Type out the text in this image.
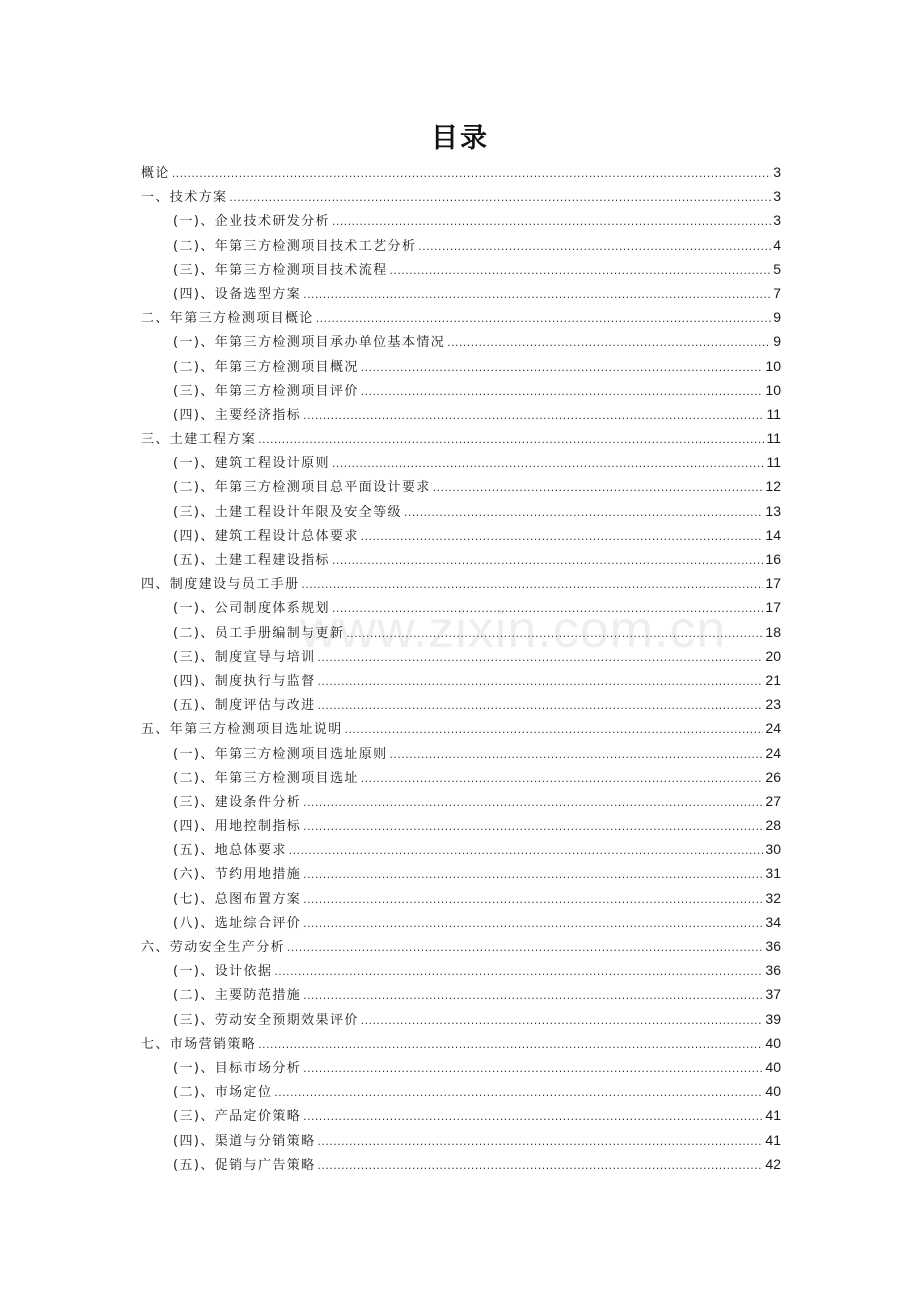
www.zixin.com.cn
目录
概论 .....	3
一、技术方案 .....	3
(一)、企业技术研发分析 .....	3
(二)、年第三方检测项目技术工艺分析 .....	4
(三)、年第三方检测项目技术流程 .....	5
(四)、设备选型方案 .....	7
二、年第三方检测项目概论 .....	9
(一)、年第三方检测项目承办单位基本情况 .....	9
(二)、年第三方检测项目概况 .....	10
(三)、年第三方检测项目评价 .....	10
(四)、主要经济指标 .....	11
三、土建工程方案 .....	11
(一)、建筑工程设计原则 .....	11
(二)、年第三方检测项目总平面设计要求 .....	12
(三)、土建工程设计年限及安全等级 .....	13
(四)、建筑工程设计总体要求 .....	14
(五)、土建工程建设指标 .....	16
四、制度建设与员工手册 .....	17
(一)、公司制度体系规划 .....	17
(二)、员工手册编制与更新 .....	18
(三)、制度宣导与培训 .....	20
(四)、制度执行与监督 .....	21
(五)、制度评估与改进 .....	23
五、年第三方检测项目选址说明 .....	24
(一)、年第三方检测项目选址原则 .....	24
(二)、年第三方检测项目选址 .....	26
(三)、建设条件分析 .....	27
(四)、用地控制指标 .....	28
(五)、地总体要求 .....	30
(六)、节约用地措施 .....	31
(七)、总图布置方案 .....	32
(八)、选址综合评价 .....	34
六、劳动安全生产分析 .....	36
(一)、设计依据 .....	36
(二)、主要防范措施 .....	37
(三)、劳动安全预期效果评价 .....	39
七、市场营销策略 .....	40
(一)、目标市场分析 .....	40
(二)、市场定位 .....	40
(三)、产品定价策略 .....	41
(四)、渠道与分销策略 .....	41
(五)、促销与广告策略 .....	42
